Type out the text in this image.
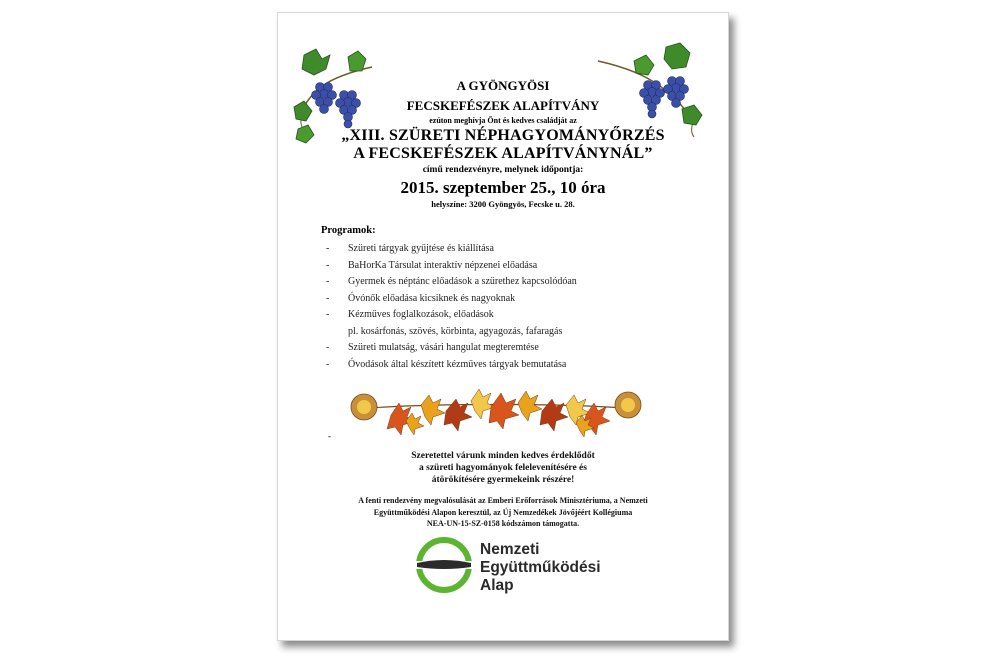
A GYÖNGYÖSI
FECSKEFÉSZEK ALAPÍTVÁNY
ezúton meghívja Önt és kedves családját az
„XIII. SZÜRETI NÉPHAGYOMÁNYŐRZÉS
A FECSKEFÉSZEK ALAPÍTVÁNYNÁL”
című rendezvényre, melynek időpontja:
2015. szeptember 25., 10 óra
helyszíne: 3200 Gyöngyös, Fecske u. 28.
Programok:
- Szüreti tárgyak gyűjtése és kiállítása
- BaHorKa Társulat interaktív népzenei előadása
- Gyermek és néptánc előadások a szürethez kapcsolódóan
- Óvónők előadása kicsiknek és nagyoknak
- Kézműves foglalkozások, előadások
pl. kosárfonás, szövés, körbinta, agyagozás, fafaragás
- Szüreti mulatság, vásári hangulat megteremtése
- Óvodások által készített kézműves tárgyak bemutatása
-
Szeretettel várunk minden kedves érdeklődőt
a szüreti hagyományok felelevenítésére és
átörökítésére gyermekeink részére!
A fenti rendezvény megvalósulását az Emberi Erőforrások Minisztériuma, a Nemzeti
Együttműködési Alapon keresztül, az Új Nemzedékek Jövőjéért Kollégiuma
NEA-UN-15-SZ-0158 kódszámon támogatta.
Nemzeti
Együttműködési
Alap
